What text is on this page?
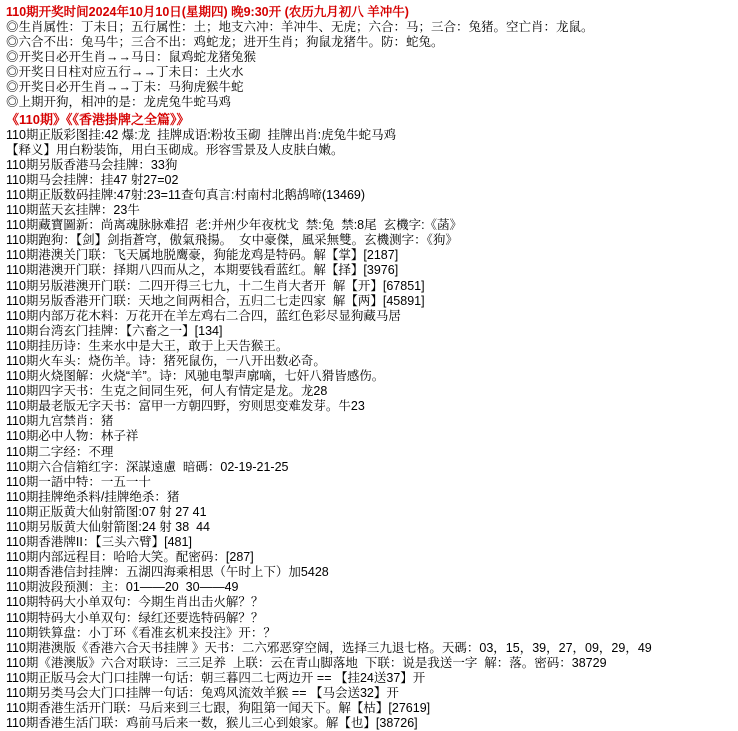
110期开奖时间2024年10月10日(星期四) 晚9:30开 (农历九月初八 羊冲牛)
◎生肖属性：丁未日；五行属性：土；地支六冲：羊冲牛、无虎；六合：马；三合：兔猪。空亡肖：龙鼠。
◎六合不出：兔马牛；三合不出：鸡蛇龙；进开生肖；狗鼠龙猪牛。防：蛇兔。
◎开奖日必开生肖→→马日：鼠鸡蛇龙猪兔猴
◎开奖日日柱对应五行→→丁未日：土火水
◎开奖日必开生肖→→丁未：马狗虎猴牛蛇
◎上期开狗，相冲的是：龙虎兔牛蛇马鸡
《110期》《《香港掛牌之全篇》》
110期正版彩图挂:42 爆:龙  挂牌成语:粉妆玉砌  挂牌出肖:虎兔牛蛇马鸡
【释义】用白粉装饰，用白玉砌成。形容雪景及人皮肤白嫩。
110期另版香港马会挂牌：33狗
110期马会挂牌：挂47 射27=02
110期正版数码挂牌:47射:23=11查句真言:村南村北鹅鸪啼(13469)
110期蓝天玄挂牌：23牛
110期藏寶圖新：尚离魂脉脉难招  老:并州少年夜枕戈  禁:兔  禁:8尾  玄機字:《菡》
110期跑狗：【剑】剑指蒼穹，傲氣飛揚。  女中豪傑，風采無雙。玄機测字：《狗》
110期港澳关门联：飞天属地脱鹰豪，狗能龙鸡是特码。解【掌】[2187]
110期港澳开门联：择期八四而从之，本期要钱看蓝红。解【择】[3976]
110期另版港澳开门联：二四开得三七九，十二生肖大者开  解【开】[67851]
110期另版香港开门联：天地之间两相合，五归二七走四家  解【两】[45891]
110期内部万花木料：万花开在羊左鸡右二合四，蓝红色彩尽显狗藏马居
110期台湾玄门挂牌：【六畜之一】[134]
110期挂历诗：生来水中是大王，敢于上天告猴王。
110期火车头：烧伤羊。诗：猪死鼠伤，一八开出数必奇。
110期火烧图解：火烧“羊”。诗：风驰电掣声廓嘀，七奸八猾皆感伤。
110期四字天书：生克之间同生死，何人有情定是龙。龙28
110期最老版无字天书：富甲一方朝四野，穷则思变难发芽。牛23
110期九宫禁肖：猪
110期必中人物：林子祥
110期二字经：不理
110期六合信箱红字：深謀遠慮  暗碼：02-19-21-25
110期一語中特：一五一十
110期挂牌绝杀料/挂牌绝杀：猪
110期正版黄大仙射箭图:07 射 27 41
110期另版黄大仙射箭图:24 射 38  44
110期香港牌II：【三头六臂】[481]
110期内部远程目：哈哈大笑。配密码：[287]
110期香港信封挂牌：五湖四海乘相思（午时上下）加5428
110期波段预测：主：01——20  30——49
110期特码大小单双句：今期生肖出击火解？？
110期特码大小单双句：绿红还要选特码解？？
110期铁算盘：小丁环《看准玄机来投注》开：？
110期港澳版《香港六合天书挂牌 》天书：二六邪恶穿空阔，选择三九退七格。天碼：03，15，39，27，09，29，49
110期《港澳版》六合对联诗：三三足养  上联：云在青山脚落地  下联：说是我送一字  解：落。密码：38729
110期正版马会大门口挂牌一句话：朝三暮四二七两边开 == 【挂24送37】开
110期另类马会大门口挂牌一句话：兔鸡风流效羊猴 == 【马会送32】开
110期香港生活开门联：马后来到三七跟，狗阻第一闻天下。解【枯】[27619]
110期香港生活门联：鸡前马后来一数，猴儿三心到娘家。解【也】[38726]
